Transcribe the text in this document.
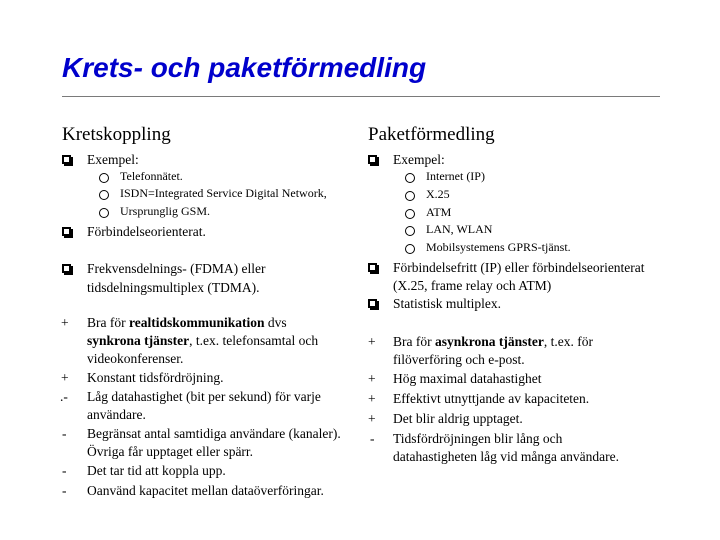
Krets- och paketförmedling
Kretskoppling
Exempel:
Telefonnätet.
ISDN=Integrated Service Digital Network,
Ursprunglig GSM.
Förbindelseorienterat.
Frekvensdelnings- (FDMA) eller
tidsdelningsmultiplex (TDMA).
+ Bra för realtidskommunikation dvs
synkrona tjänster, t.ex. telefonsamtal och
videokonferenser.
+ Konstant tidsfördröjning.
.- Låg datahastighet (bit per sekund) för varje
användare.
- Begränsat antal samtidiga användare (kanaler).
Övriga får upptaget eller spärr.
- Det tar tid att koppla upp.
- Oanvänd kapacitet mellan dataöverföringar.
Paketförmedling
Exempel:
Internet (IP)
X.25
ATM
LAN, WLAN
Mobilsystemens GPRS-tjänst.
Förbindelsefritt (IP) eller förbindelseorienterat
(X.25, frame relay och ATM)
Statistisk multiplex.
+ Bra för asynkrona tjänster, t.ex. för
filöverföring och e-post.
+ Hög maximal datahastighet
+ Effektivt utnyttjande av kapaciteten.
+ Det blir aldrig upptaget.
- Tidsfördröjningen blir lång och
datahastigheten låg vid många användare.
